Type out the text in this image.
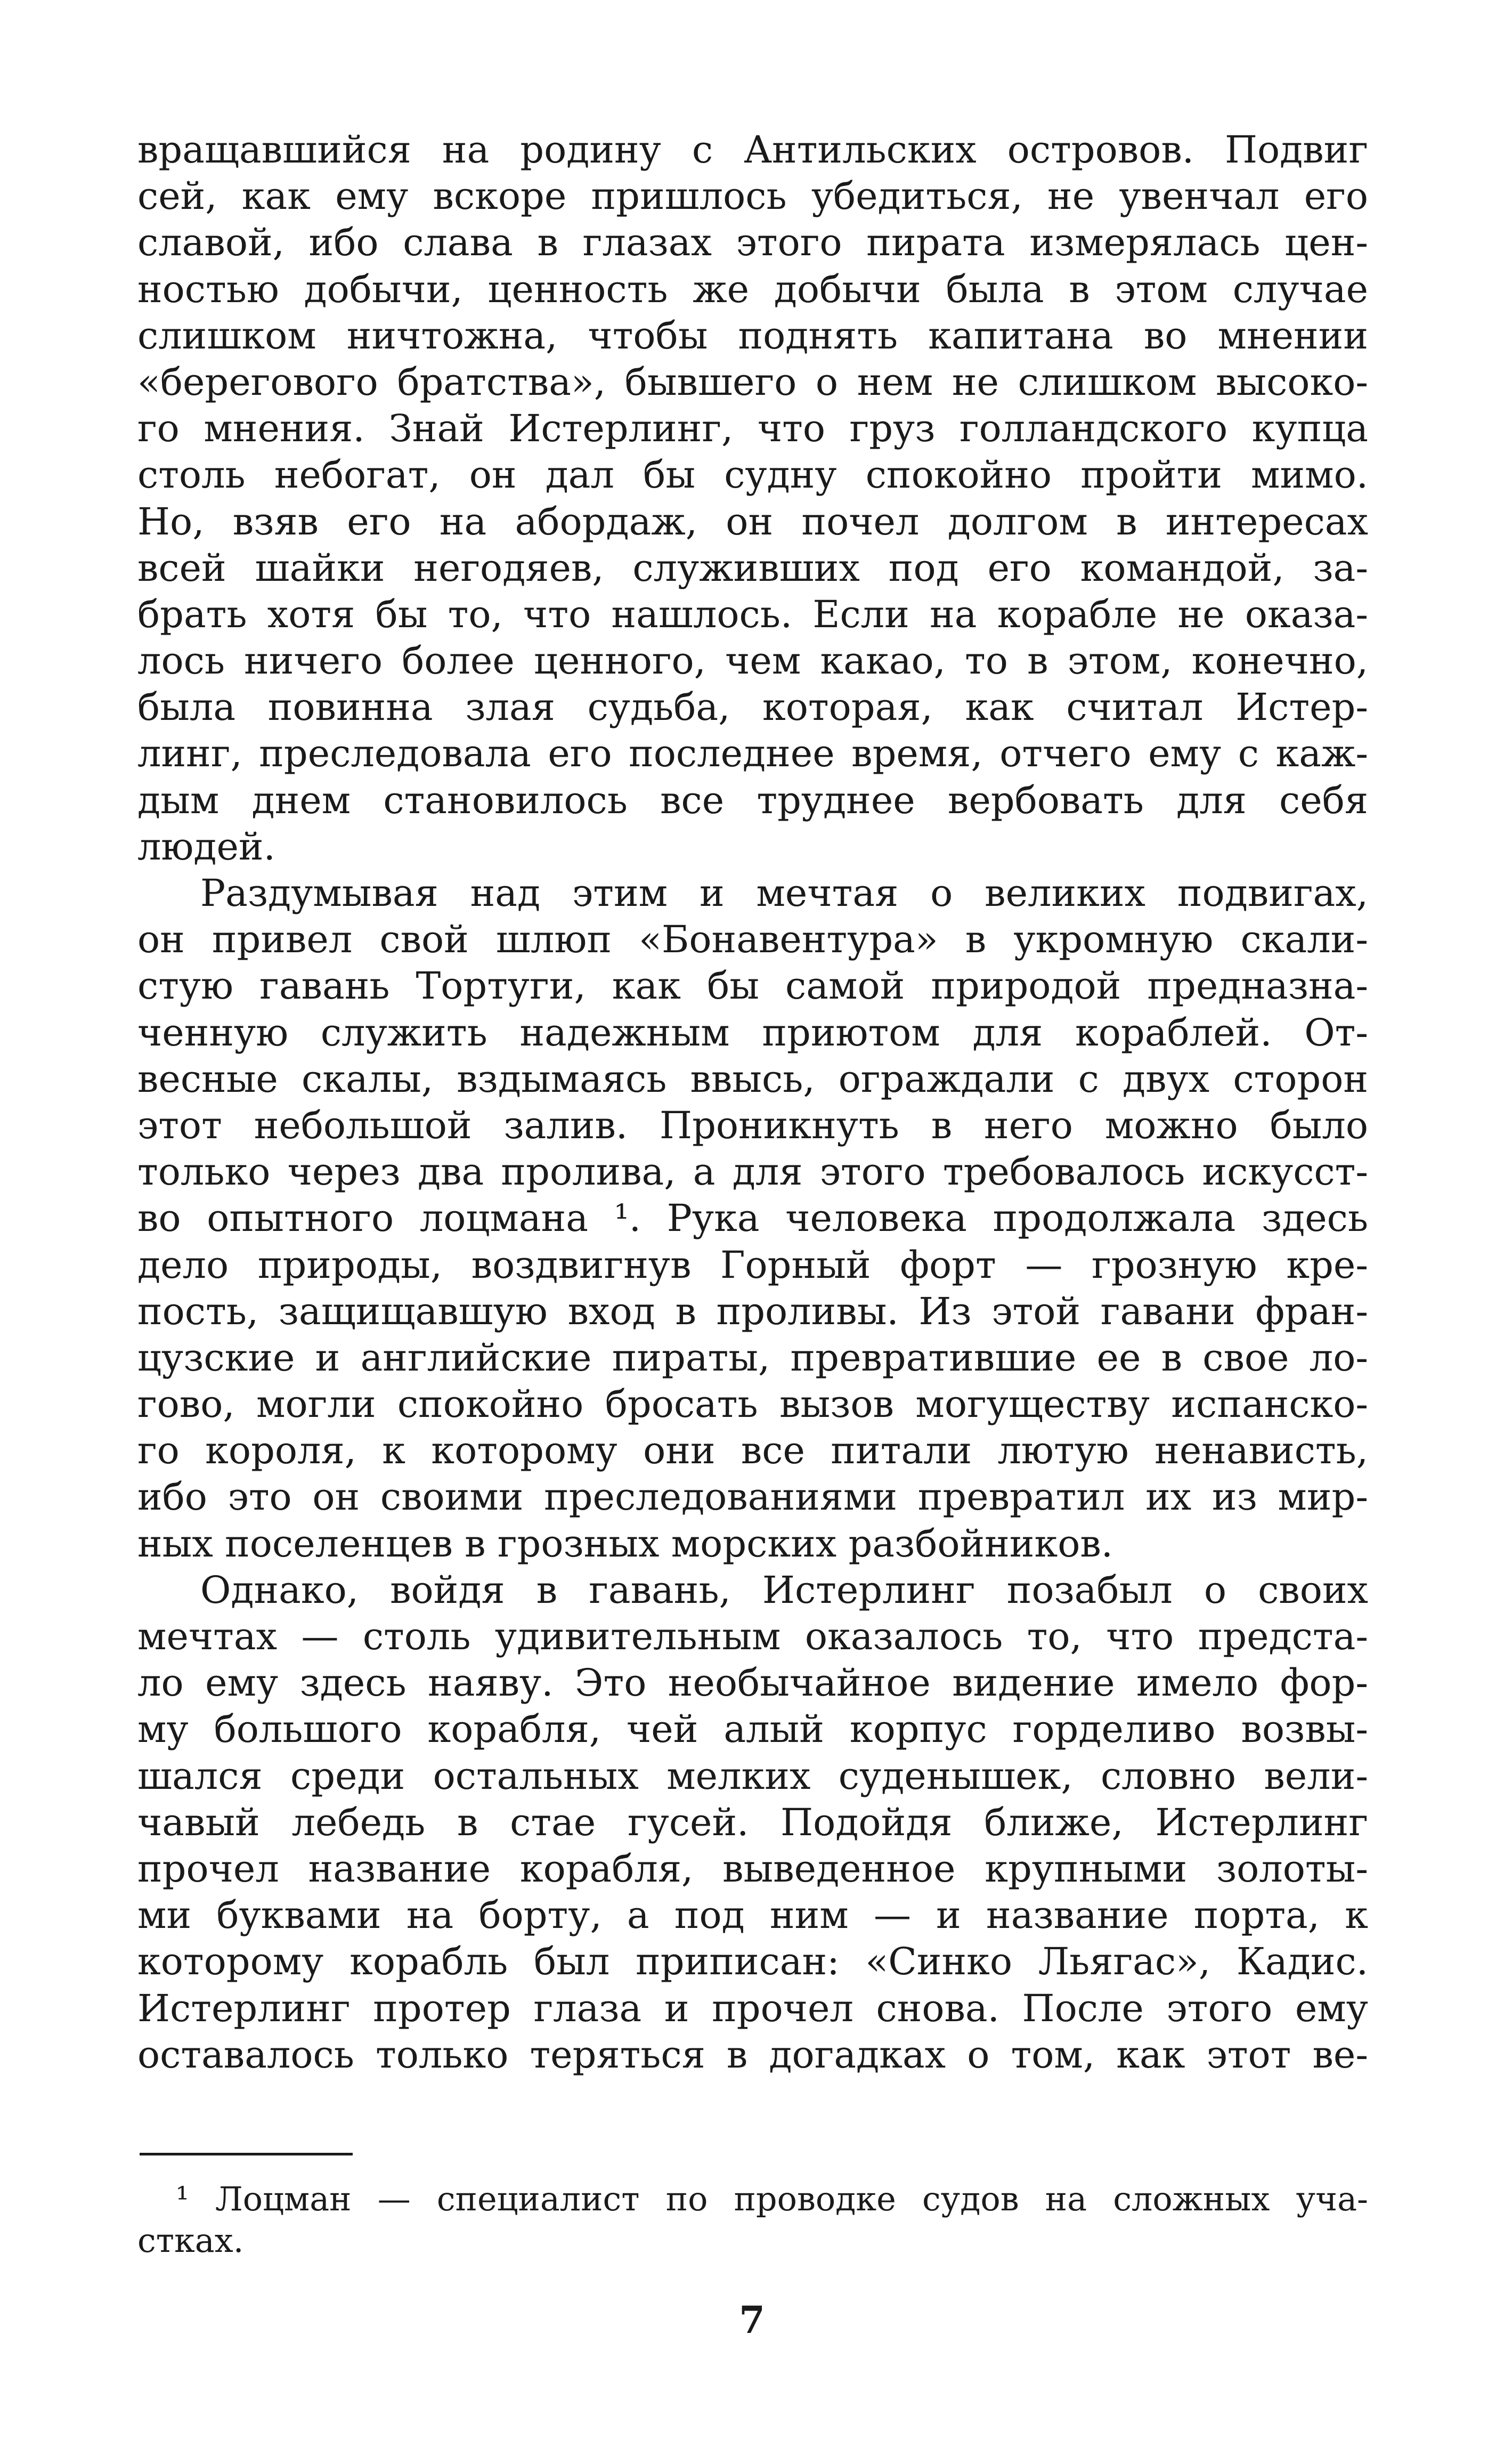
вращавшийся на родину с Антильских островов. Подвиг
сей, как ему вскоре пришлось убедиться, не увенчал его
славой, ибо слава в глазах этого пирата измерялась цен-
ностью добычи, ценность же добычи была в этом случае
слишком ничтожна, чтобы поднять капитана во мнении
«берегового братства», бывшего о нем не слишком высоко-
го мнения. Знай Истерлинг, что груз голландского купца
столь небогат, он дал бы судну спокойно пройти мимо.
Но, взяв его на абордаж, он почел долгом в интересах
всей шайки негодяев, служивших под его командой, за-
брать хотя бы то, что нашлось. Если на корабле не оказа-
лось ничего более ценного, чем какао, то в этом, конечно,
была повинна злая судьба, которая, как считал Истер-
линг, преследовала его последнее время, отчего ему с каж-
дым днем становилось все труднее вербовать для себя
людей.
Раздумывая над этим и мечтая о великих подвигах,
он привел свой шлюп «Бонавентура» в укромную скали-
стую гавань Тортуги, как бы самой природой предназна-
ченную служить надежным приютом для кораблей. От-
весные скалы, вздымаясь ввысь, ограждали с двух сторон
этот небольшой залив. Проникнуть в него можно было
только через два пролива, а для этого требовалось искусст-
во опытного лоцмана ¹. Рука человека продолжала здесь
дело природы, воздвигнув Горный форт — грозную кре-
пость, защищавшую вход в проливы. Из этой гавани фран-
цузские и английские пираты, превратившие ее в свое ло-
гово, могли спокойно бросать вызов могуществу испанско-
го короля, к которому они все питали лютую ненависть,
ибо это он своими преследованиями превратил их из мир-
ных поселенцев в грозных морских разбойников.
Однако, войдя в гавань, Истерлинг позабыл о своих
мечтах — столь удивительным оказалось то, что предста-
ло ему здесь наяву. Это необычайное видение имело фор-
му большого корабля, чей алый корпус горделиво возвы-
шался среди остальных мелких суденышек, словно вели-
чавый лебедь в стае гусей. Подойдя ближе, Истерлинг
прочел название корабля, выведенное крупными золоты-
ми буквами на борту, а под ним — и название порта, к
которому корабль был приписан: «Синко Льягас», Кадис.
Истерлинг протер глаза и прочел снова. После этого ему
оставалось только теряться в догадках о том, как этот ве-
¹ Лоцман — специалист по проводке судов на сложных уча-
стках.
7
